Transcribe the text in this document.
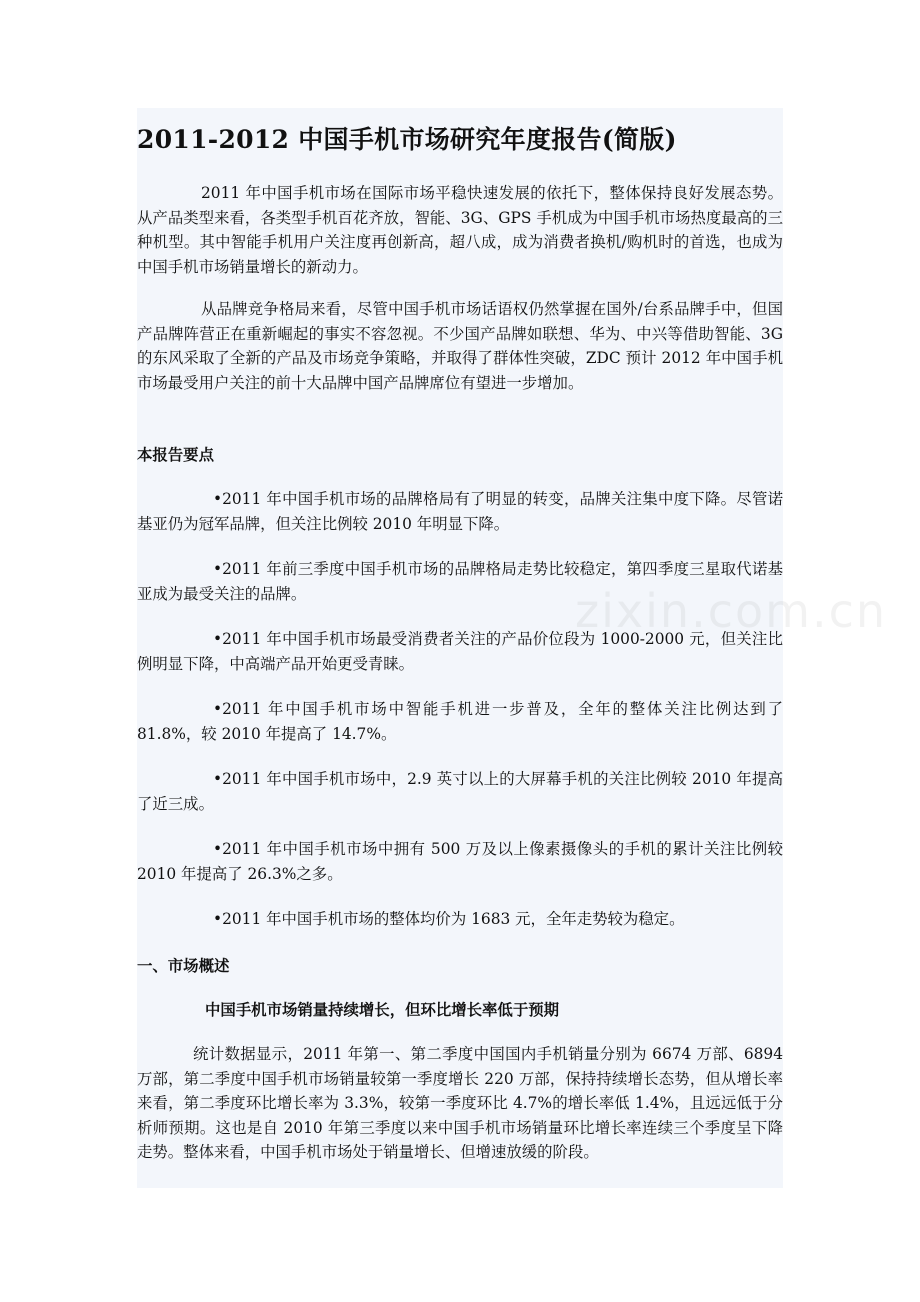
2011-2012 中国手机市场研究年度报告(简版)

2011 年中国手机市场在国际市场平稳快速发展的依托下，整体保持良好发展态势。从产品类型来看，各类型手机百花齐放，智能、3G、GPS 手机成为中国手机市场热度最高的三种机型。其中智能手机用户关注度再创新高，超八成，成为消费者换机/购机时的首选，也成为中国手机市场销量增长的新动力。

从品牌竞争格局来看，尽管中国手机市场话语权仍然掌握在国外/台系品牌手中，但国产品牌阵营正在重新崛起的事实不容忽视。不少国产品牌如联想、华为、中兴等借助智能、3G 的东风采取了全新的产品及市场竞争策略，并取得了群体性突破，ZDC 预计 2012 年中国手机市场最受用户关注的前十大品牌中国产品牌席位有望进一步增加。

本报告要点

•2011 年中国手机市场的品牌格局有了明显的转变，品牌关注集中度下降。尽管诺基亚仍为冠军品牌，但关注比例较 2010 年明显下降。

•2011 年前三季度中国手机市场的品牌格局走势比较稳定，第四季度三星取代诺基亚成为最受关注的品牌。

•2011 年中国手机市场最受消费者关注的产品价位段为 1000-2000 元，但关注比例明显下降，中高端产品开始更受青睐。

•2011 年中国手机市场中智能手机进一步普及，全年的整体关注比例达到了 81.8%，较 2010 年提高了 14.7%。

•2011 年中国手机市场中，2.9 英寸以上的大屏幕手机的关注比例较 2010 年提高了近三成。

•2011 年中国手机市场中拥有 500 万及以上像素摄像头的手机的累计关注比例较 2010 年提高了 26.3%之多。

•2011 年中国手机市场的整体均价为 1683 元，全年走势较为稳定。

一、市场概述
中国手机市场销量持续增长，但环比增长率低于预期

统计数据显示，2011 年第一、第二季度中国国内手机销量分别为 6674 万部、6894 万部，第二季度中国手机市场销量较第一季度增长 220 万部，保持持续增长态势，但从增长率来看，第二季度环比增长率为 3.3%，较第一季度环比 4.7%的增长率低 1.4%，且远远低于分析师预期。这也是自 2010 年第三季度以来中国手机市场销量环比增长率连续三个季度呈下降走势。整体来看，中国手机市场处于销量增长、但增速放缓的阶段。

zixin.com.cn
